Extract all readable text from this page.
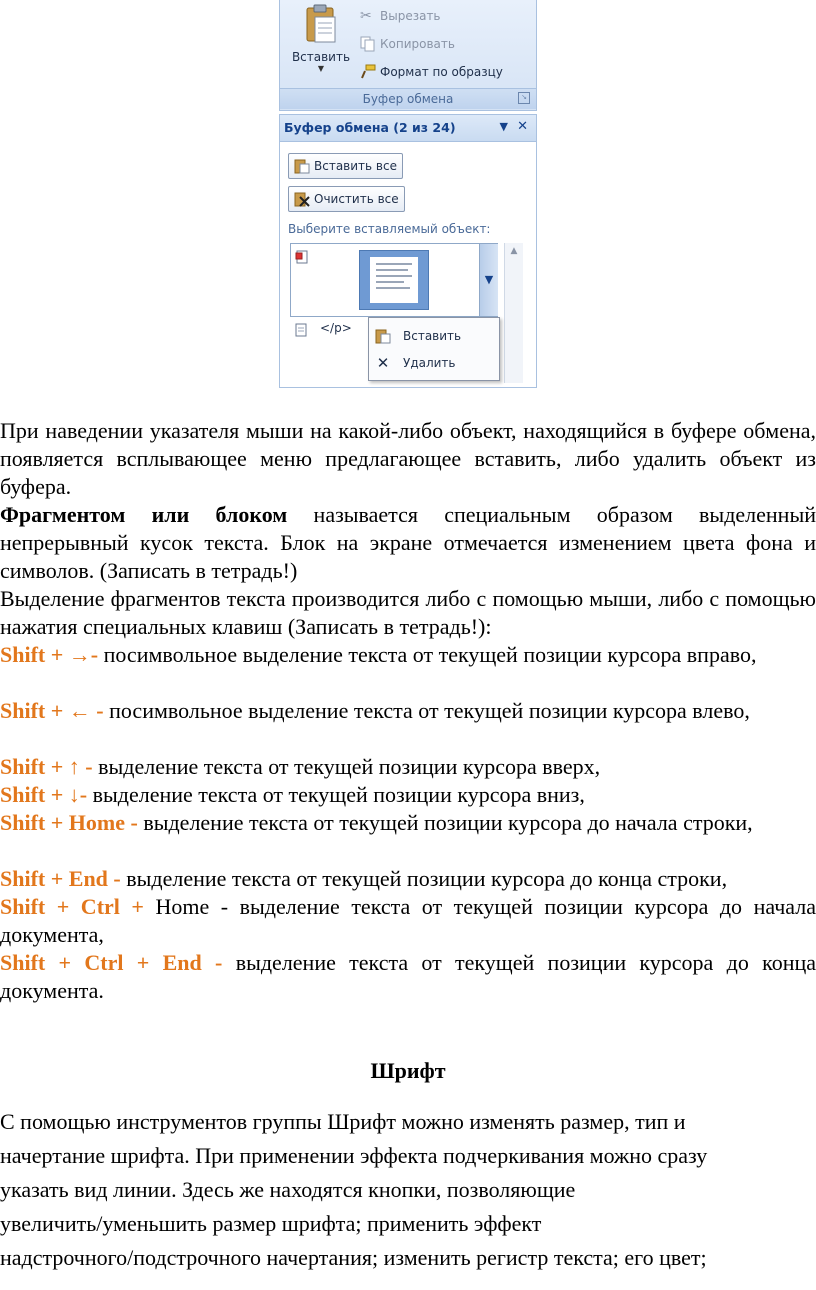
Вставить
▼
✂ Вырезать
Копировать
Формат по образцу
Буфер обмена	↘
Буфер обмена (2 из 24)	▼ ✕
Вставить все
Очистить все
Выберите вставляемый объект:
▼
▲
</p>
Вставить
✕ Удалить

При наведении указателя мыши на какой-либо объект, находящийся в буфере обмена, появляется всплывающее меню предлагающее вставить, либо удалить объект из буфера.

Фрагментом или блоком называется специальным образом выделенный непрерывный кусок текста. Блок на экране отмечается изменением цвета фона и символов. (Записать в тетрадь!)

Выделение фрагментов текста производится либо с помощью мыши, либо с помощью нажатия специальных клавиш (Записать в тетрадь!):

Shift + →- посимвольное выделение текста от текущей позиции курсора вправо,

Shift + ← - посимвольное выделение текста от текущей позиции курсора влево,

Shift + ↑ - выделение текста от текущей позиции курсора вверх,

Shift + ↓- выделение текста от текущей позиции курсора вниз,

Shift + Home - выделение текста от текущей позиции курсора до начала строки,

Shift + End - выделение текста от текущей позиции курсора до конца строки,

Shift + Ctrl + Home - выделение текста от текущей позиции курсора до начала документа,

Shift + Ctrl + End - выделение текста от текущей позиции курсора до конца документа.

Шрифт
С помощью инструментов группы Шрифт можно изменять размер, тип и
начертание шрифта. При применении эффекта подчеркивания можно сразу
указать вид линии. Здесь же находятся кнопки, позволяющие
увеличить/уменьшить размер шрифта; применить эффект
надстрочного/подстрочного начертания; изменить регистр текста; его цвет;
